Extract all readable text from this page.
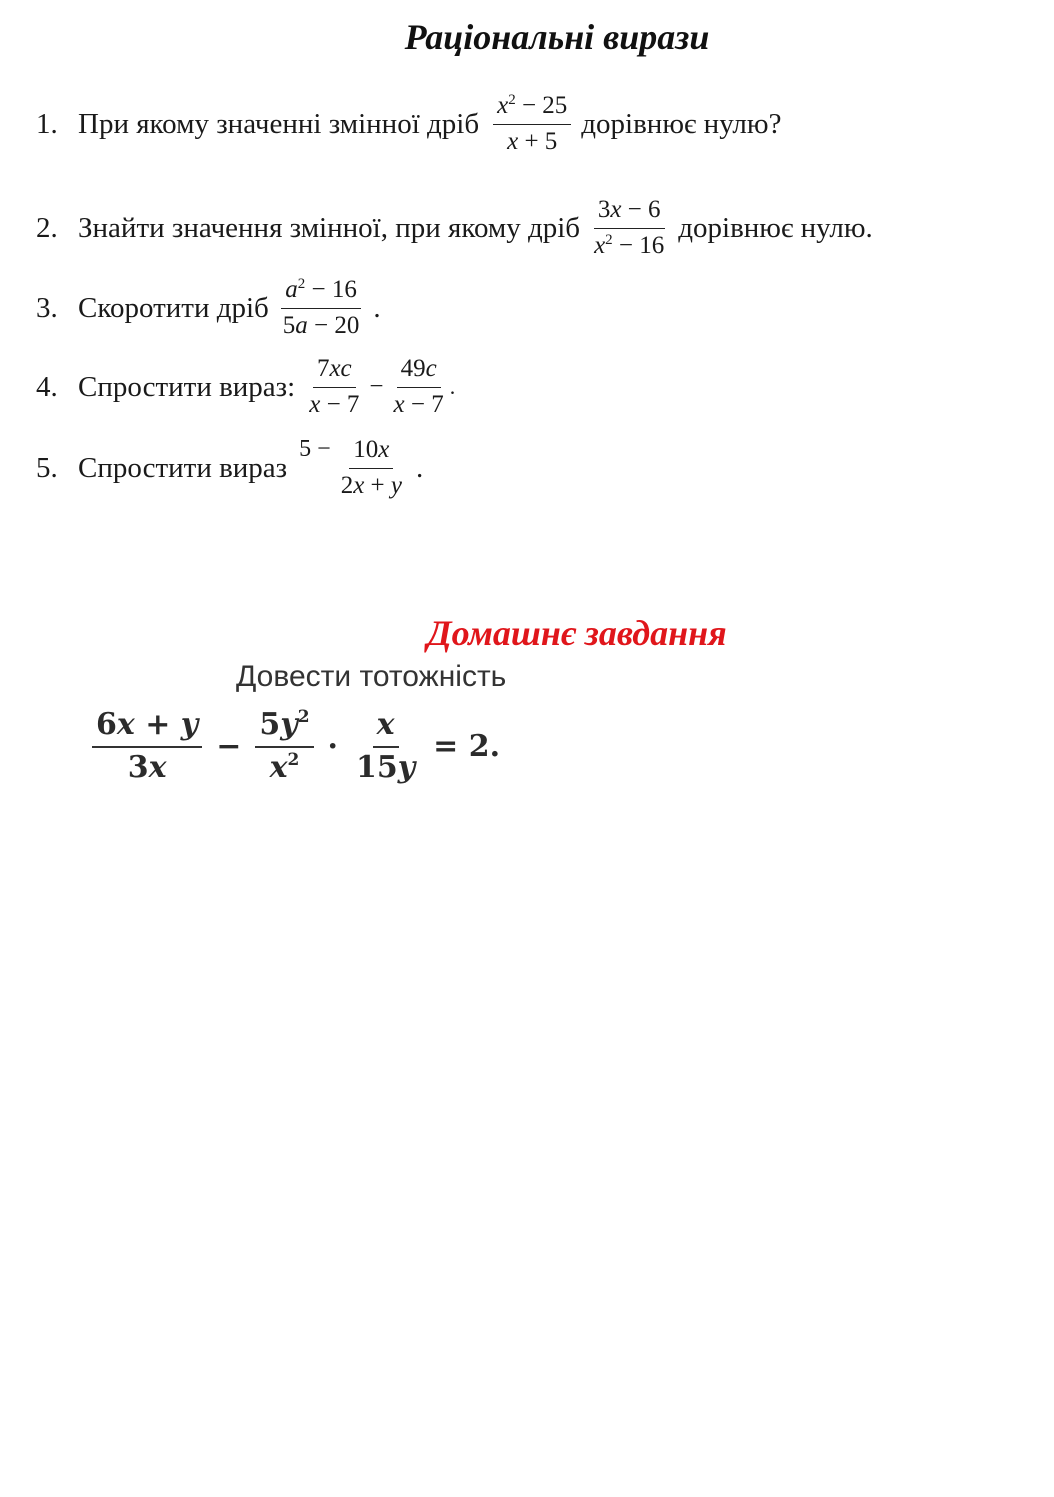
Раціональні вирази
1. При якому значенні змінної дріб $\frac{x^2 - 25}{x + 5}$ дорівнює нулю?
2. Знайти значення змінної, при якому дріб $\frac{3x - 6}{x^2 - 16}$ дорівнює нулю.
3. Скоротити дріб $\frac{a^2 - 16}{5a - 20}$ .
4. Спростити вираз: $\frac{7xc}{x - 7} - \frac{49c}{x - 7}$ .
5. Спростити вираз
$5 - \frac{10x}{2x + y}$ .
Домашнє завдання
Довести тотожність
$\frac{6x + y}{3x} - \frac{5y^2}{x^2} \cdot \frac{x}{15y} = 2$.
